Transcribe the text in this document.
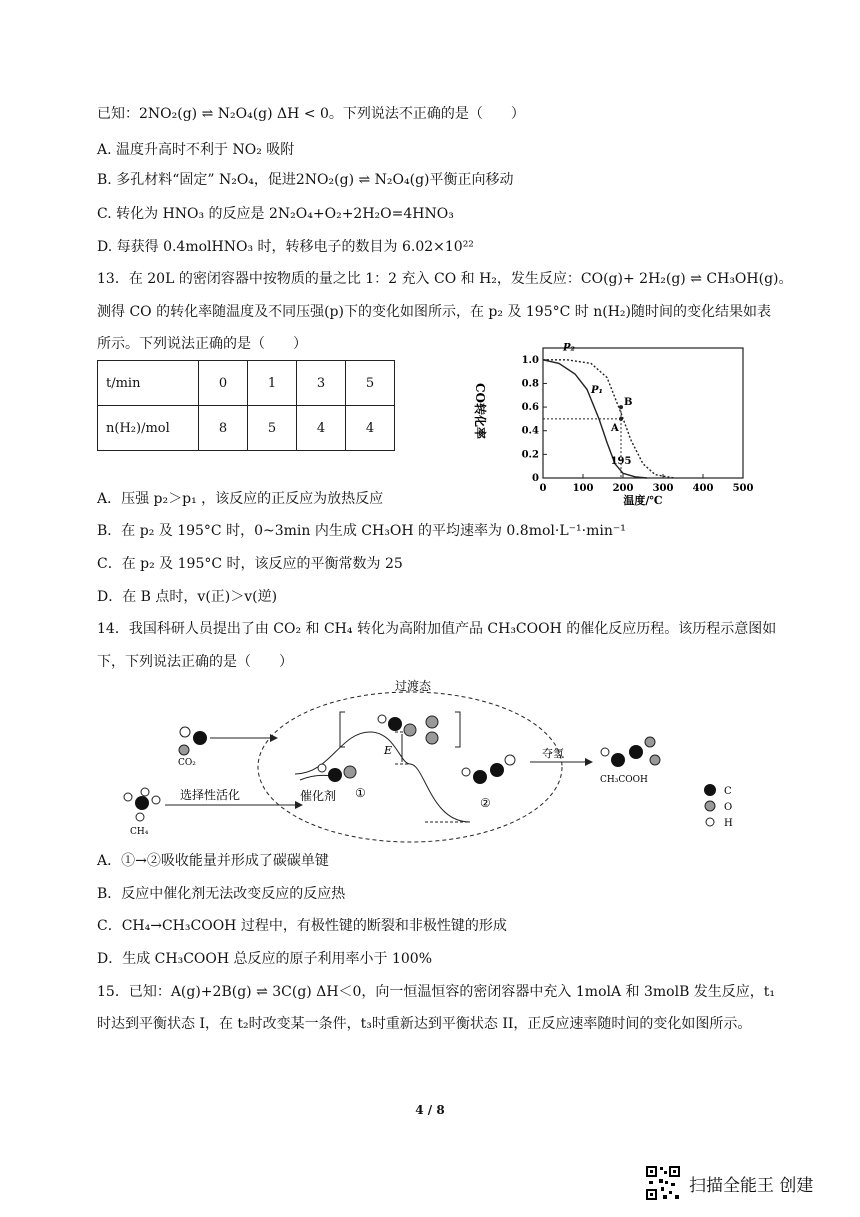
已知：2NO₂(g) ⇌ N₂O₄(g) ΔH < 0。下列说法不正确的是（　　）
A. 温度升高时不利于 NO₂ 吸附
B. 多孔材料“固定” N₂O₄，促进2NO₂(g) ⇌ N₂O₄(g)平衡正向移动
C. 转化为 HNO₃ 的反应是 2N₂O₄+O₂+2H₂O=4HNO₃
D. 每获得 0.4molHNO₃ 时，转移电子的数目为 6.02×10²²
13．在 20L 的密闭容器中按物质的量之比 1：2 充入 CO 和 H₂，发生反应：CO(g)+ 2H₂(g) ⇌ CH₃OH(g)。
测得 CO 的转化率随温度及不同压强(p)下的变化如图所示，在 p₂ 及 195°C 时 n(H₂)随时间的变化结果如表
所示。下列说法正确的是（　　）
t/min	0	1	3	5
n(H₂)/mol	8	5	4	4
0	100 200 300 400 500
0
0.2
0.4
0.6
0.8
1.0
CO转化率
温度/℃
P₂
P₁
A
B
195
A．压强 p₂＞p₁ ，该反应的正反应为放热反应
B．在 p₂ 及 195°C 时，0~3min 内生成 CH₃OH 的平均速率为 0.8mol·L⁻¹·min⁻¹
C．在 p₂ 及 195°C 时，该反应的平衡常数为 25
D．在 B 点时，v(正)＞v(逆)
14．我国科研人员提出了由 CO₂ 和 CH₄ 转化为高附加值产品 CH₃COOH 的催化反应历程。该历程示意图如
下，下列说法正确的是（　　）
过渡态
CO₂
CH₄
选择性活化
E
催化剂 ①
②
夺氢
CH₃COOH
C
O
H
A．①→②吸收能量并形成了碳碳单键
B．反应中催化剂无法改变反应的反应热
C．CH₄→CH₃COOH 过程中，有极性键的断裂和非极性键的形成
D．生成 CH₃COOH 总反应的原子利用率小于 100%
15．已知：A(g)+2B(g) ⇌ 3C(g) ΔH＜0，向一恒温恒容的密闭容器中充入 1molA 和 3molB 发生反应，t₁
时达到平衡状态 I，在 t₂时改变某一条件，t₃时重新达到平衡状态 II，正反应速率随时间的变化如图所示。
4 / 8
扫描全能王 创建
